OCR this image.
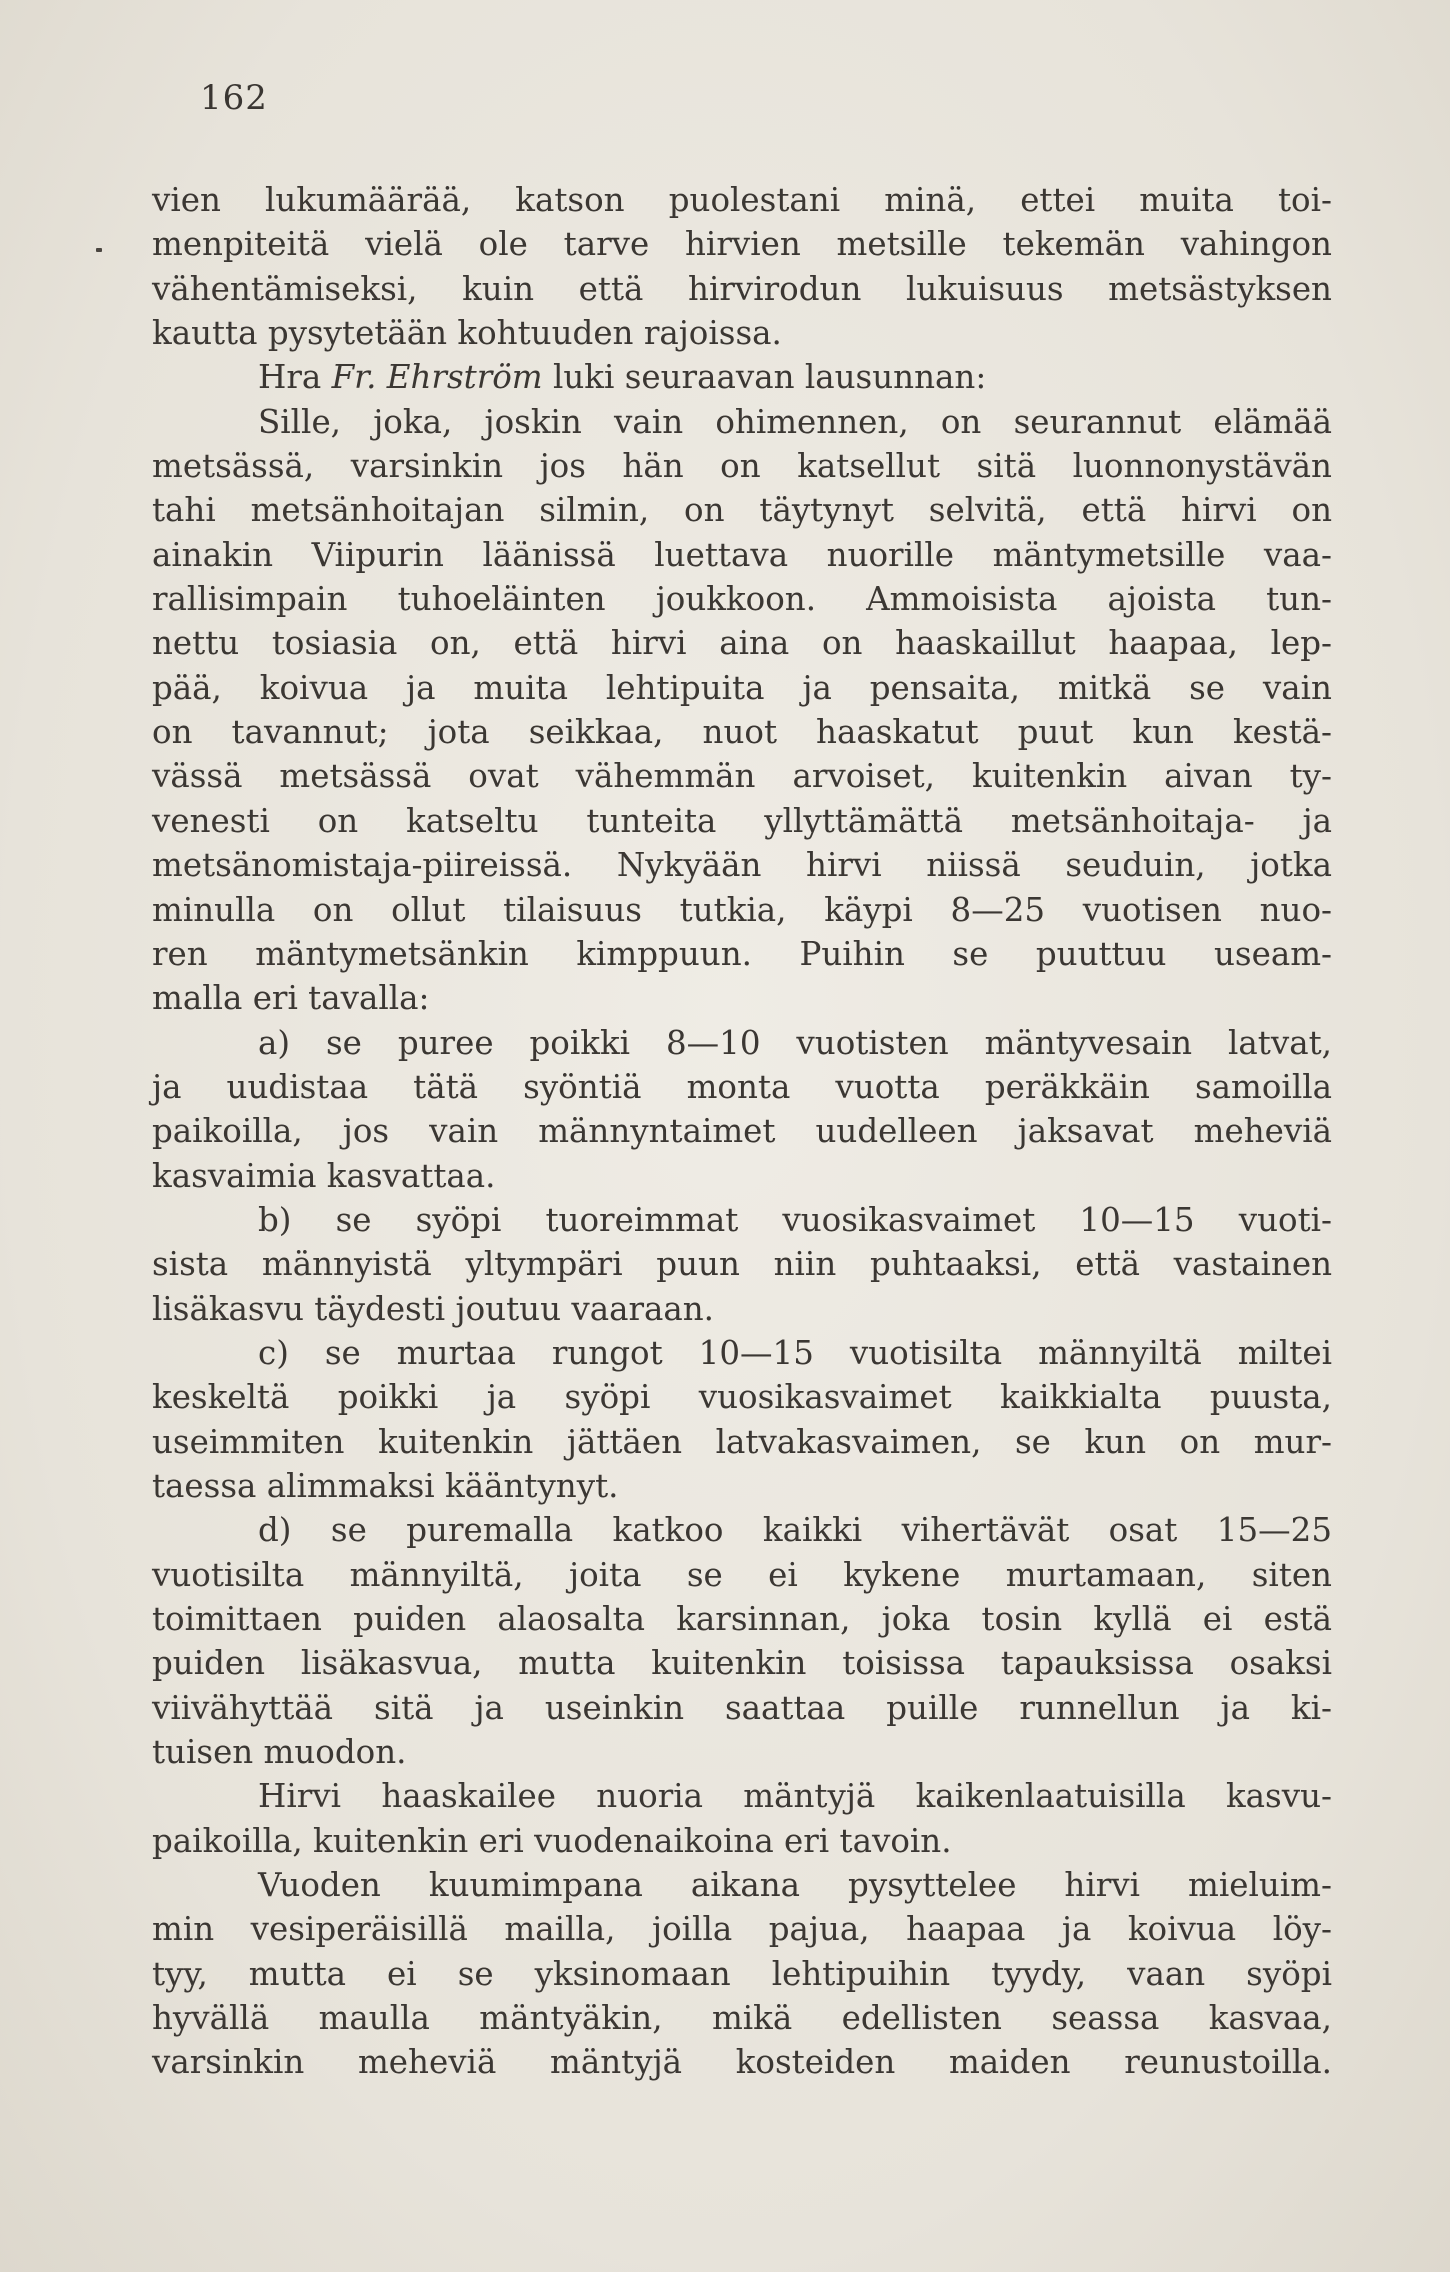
162
vien lukumäärää, katson puolestani minä, ettei muita toi-
menpiteitä vielä ole tarve hirvien metsille tekemän vahingon
vähentämiseksi, kuin että hirvirodun lukuisuus metsästyksen
kautta pysytetään kohtuuden rajoissa.
Hra Fr. Ehrström luki seuraavan lausunnan:
Sille, joka, joskin vain ohimennen, on seurannut elämää
metsässä, varsinkin jos hän on katsellut sitä luonnonystävän
tahi metsänhoitajan silmin, on täytynyt selvitä, että hirvi on
ainakin Viipurin läänissä luettava nuorille mäntymetsille vaa-
rallisimpain tuhoeläinten joukkoon. Ammoisista ajoista tun-
nettu tosiasia on, että hirvi aina on haaskaillut haapaa, lep-
pää, koivua ja muita lehtipuita ja pensaita, mitkä se vain
on tavannut; jota seikkaa, nuot haaskatut puut kun kestä-
vässä metsässä ovat vähemmän arvoiset, kuitenkin aivan ty-
venesti on katseltu tunteita yllyttämättä metsänhoitaja- ja
metsänomistaja-piireissä. Nykyään hirvi niissä seuduin, jotka
minulla on ollut tilaisuus tutkia, käypi 8—25 vuotisen nuo-
ren mäntymetsänkin kimppuun. Puihin se puuttuu useam-
malla eri tavalla:
a) se puree poikki 8—10 vuotisten mäntyvesain latvat,
ja uudistaa tätä syöntiä monta vuotta peräkkäin samoilla
paikoilla, jos vain männyntaimet uudelleen jaksavat meheviä
kasvaimia kasvattaa.
b) se syöpi tuoreimmat vuosikasvaimet 10—15 vuoti-
sista männyistä yltympäri puun niin puhtaaksi, että vastainen
lisäkasvu täydesti joutuu vaaraan.
c) se murtaa rungot 10—15 vuotisilta männyiltä miltei
keskeltä poikki ja syöpi vuosikasvaimet kaikkialta puusta,
useimmiten kuitenkin jättäen latvakasvaimen, se kun on mur-
taessa alimmaksi kääntynyt.
d) se puremalla katkoo kaikki vihertävät osat 15—25
vuotisilta männyiltä, joita se ei kykene murtamaan, siten
toimittaen puiden alaosalta karsinnan, joka tosin kyllä ei estä
puiden lisäkasvua, mutta kuitenkin toisissa tapauksissa osaksi
viivähyttää sitä ja useinkin saattaa puille runnellun ja ki-
tuisen muodon.
Hirvi haaskailee nuoria mäntyjä kaikenlaatuisilla kasvu-
paikoilla, kuitenkin eri vuodenaikoina eri tavoin.
Vuoden kuumimpana aikana pysyttelee hirvi mieluim-
min vesiperäisillä mailla, joilla pajua, haapaa ja koivua löy-
tyy, mutta ei se yksinomaan lehtipuihin tyydy, vaan syöpi
hyvällä maulla mäntyäkin, mikä edellisten seassa kasvaa,
varsinkin meheviä mäntyjä kosteiden maiden reunustoilla.
